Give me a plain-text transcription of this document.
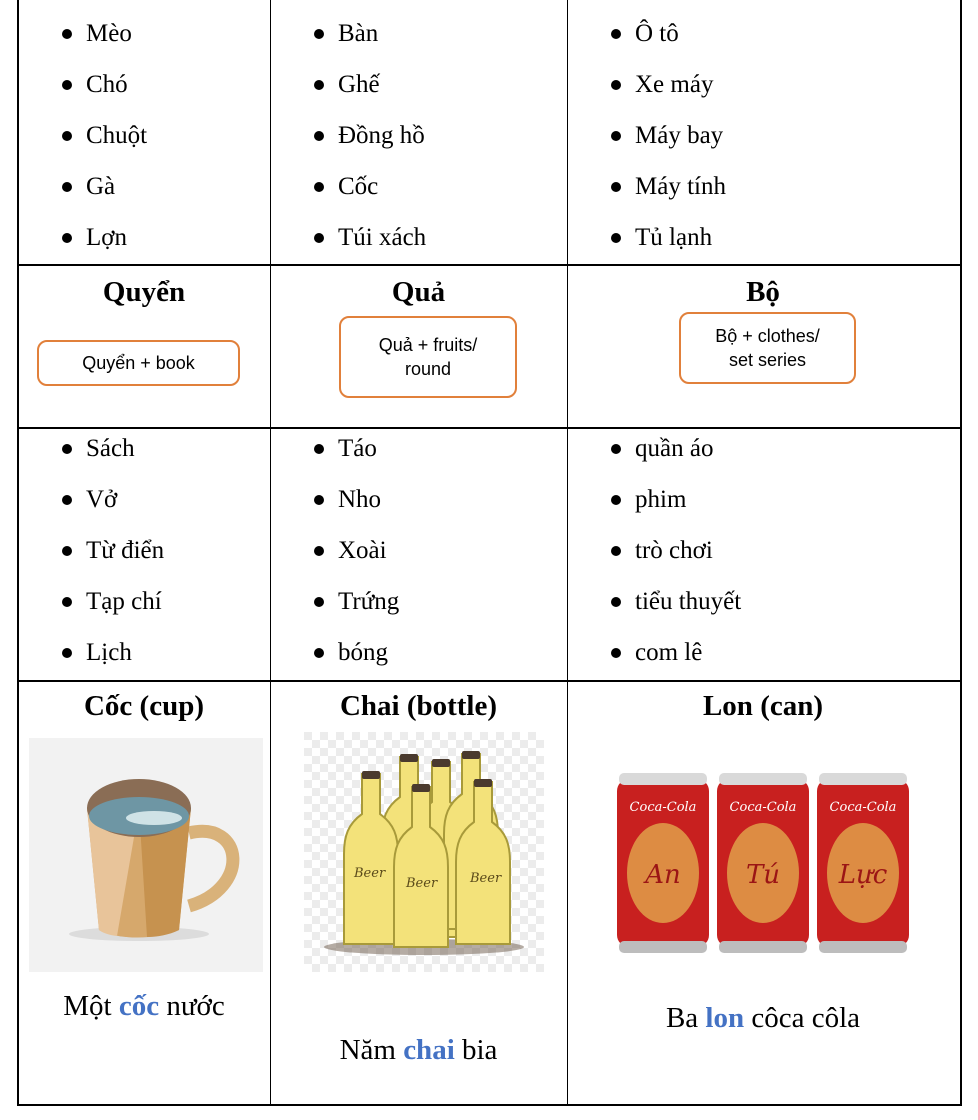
Mèo
Chó
Chuột
Gà
Lợn
Bàn
Ghế
Đồng hồ
Cốc
Túi xách
Ô tô
Xe máy
Máy bay
Máy tính
Tủ lạnh
Quyển
Quyển + book
Quả
Quả + fruits/
round
Bộ
Bộ + clothes/
set series
Sách
Vở
Từ điển
Tạp chí
Lịch
Táo
Nho
Xoài
Trứng
bóng
quần áo
phim
trò chơi
tiểu thuyết
com lê
Cốc (cup)
Một cốc nước
Chai (bottle)
Beer
Beer	Beer
Năm chai bia
Lon (can)
Coca-Cola
An
Coca-Cola
Tú
Coca-Cola
Lực
Ba lon côca côla
